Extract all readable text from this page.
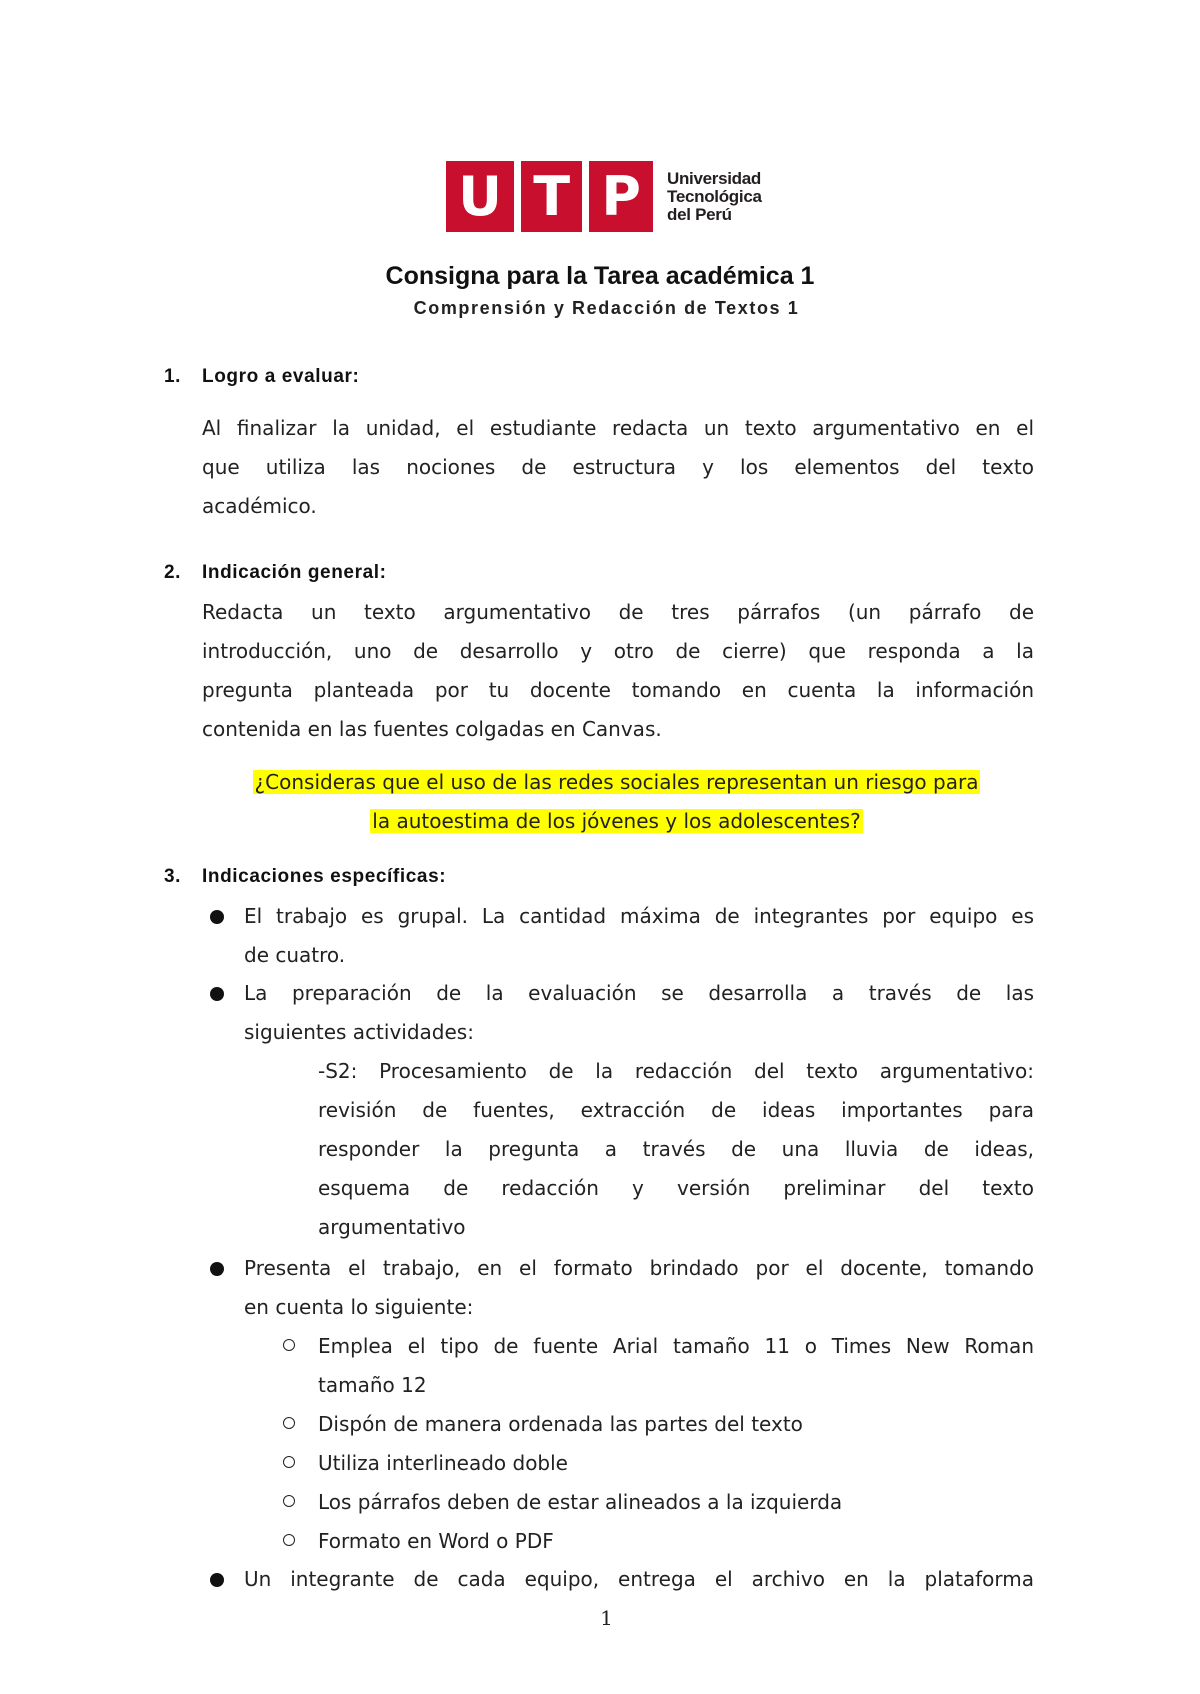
U T P Universidad
Tecnológica
del Perú
Consigna para la Tarea académica 1
Comprensión y Redacción de Textos 1
1. Logro a evaluar:
Al finalizar la unidad, el estudiante redacta un texto argumentativo en el
que utiliza las nociones de estructura y los elementos del texto
académico.
2. Indicación general:
Redacta un texto argumentativo de tres párrafos (un párrafo de
introducción, uno de desarrollo y otro de cierre) que responda a la
pregunta planteada por tu docente tomando en cuenta la información
contenida en las fuentes colgadas en Canvas.
¿Consideras que el uso de las redes sociales representan un riesgo para
la autoestima de los jóvenes y los adolescentes?
3. Indicaciones específicas:
El trabajo es grupal. La cantidad máxima de integrantes por equipo es
de cuatro.
La preparación de la evaluación se desarrolla a través de las
siguientes actividades:
-S2: Procesamiento de la redacción del texto argumentativo:
revisión de fuentes, extracción de ideas importantes para
responder la pregunta a través de una lluvia de ideas,
esquema de redacción y versión preliminar del texto
argumentativo
Presenta el trabajo, en el formato brindado por el docente, tomando
en cuenta lo siguiente:
Emplea el tipo de fuente Arial tamaño 11 o Times New Roman
tamaño 12
Dispón de manera ordenada las partes del texto
Utiliza interlineado doble
Los párrafos deben de estar alineados a la izquierda
Formato en Word o PDF
Un integrante de cada equipo, entrega el archivo en la plataforma
1
